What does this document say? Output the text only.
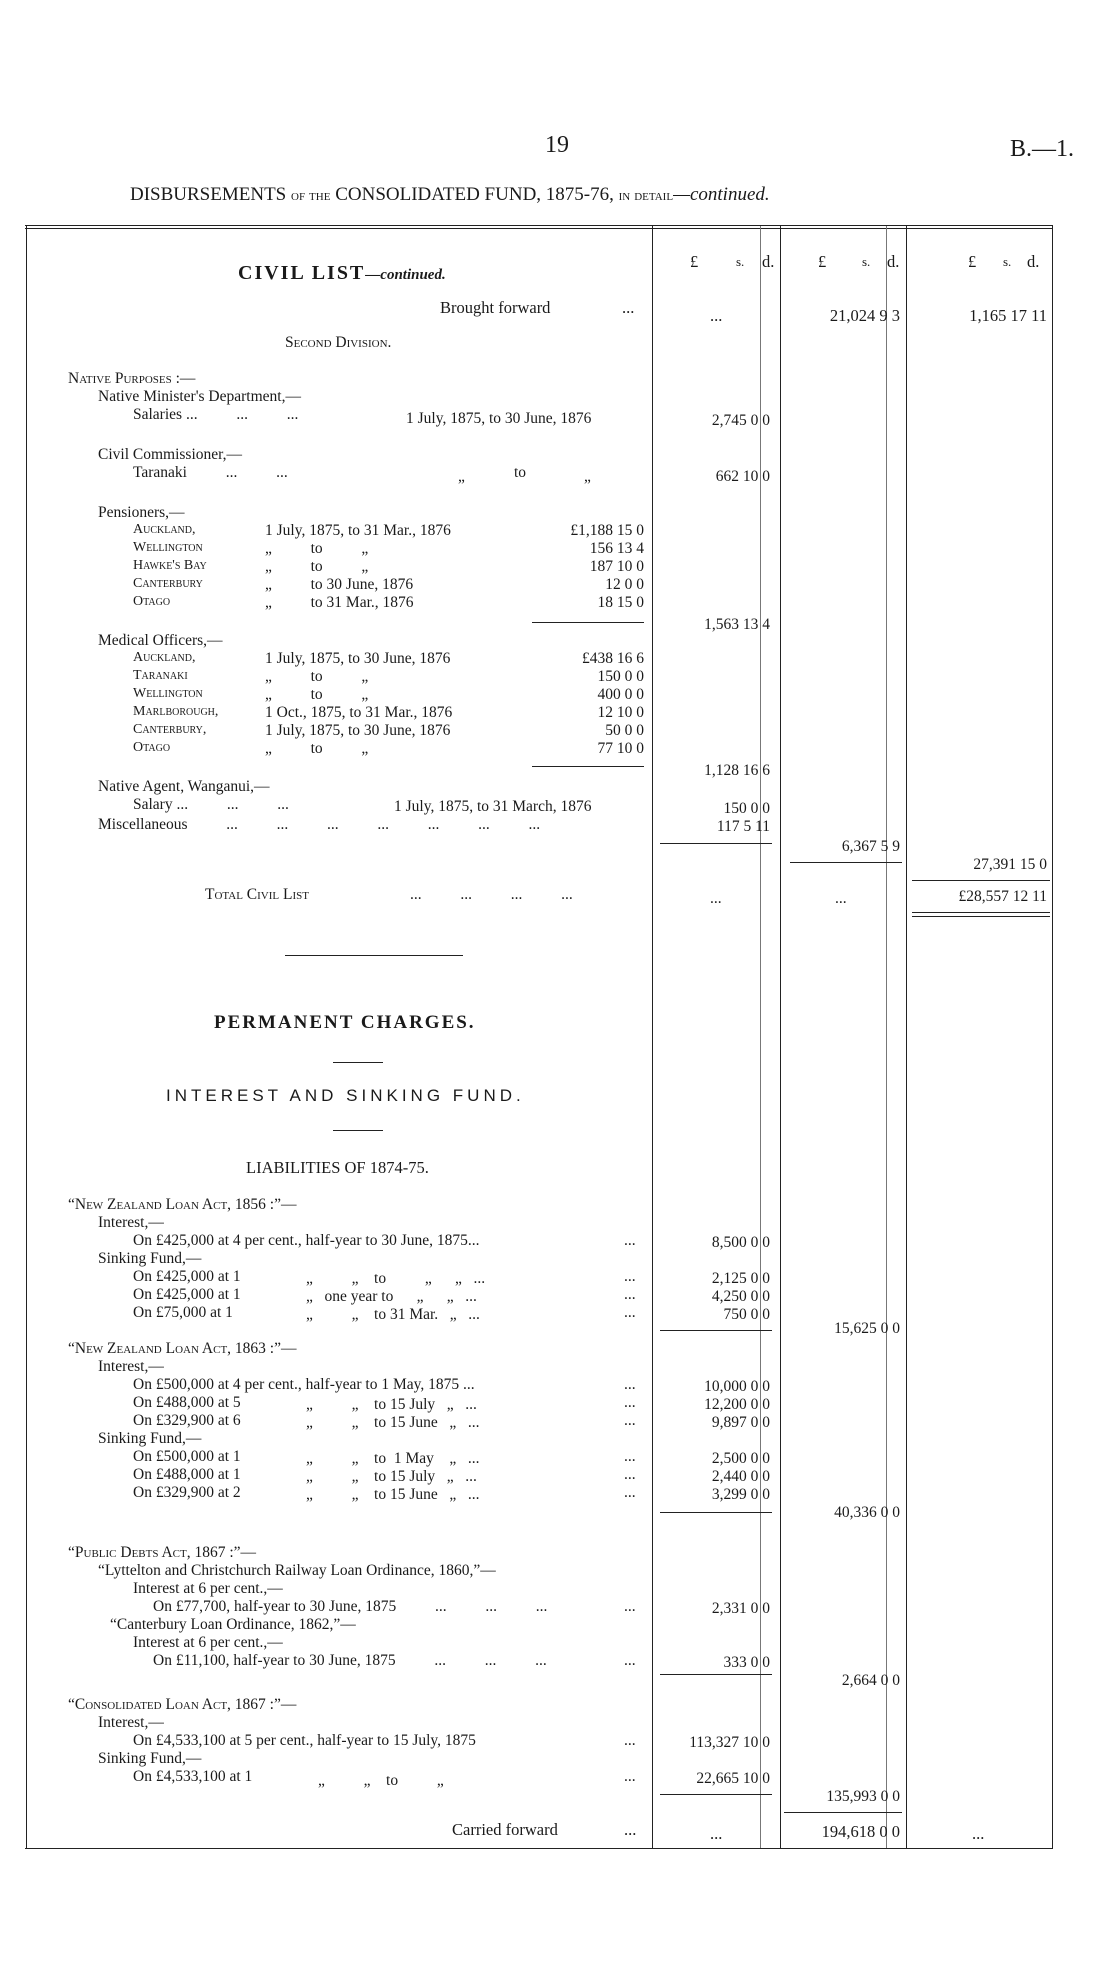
19	B.—1.
DISBURSEMENTS of the CONSOLIDATED FUND, 1875-76, in detail—continued.
£	s. d.	£	s. d.	£ s. d.
CIVIL LIST—continued.
Brought forward	...	...	21,024 9 3	1,165 17 11
Second Division.
Native Purposes :—
Native Minister's Department,—
Salaries ...          ...          ...	1 July, 1875, to 30 June, 1876	2,745 0 0
Civil Commissioner,—
Taranaki          ...          ...	„	to	„	662 10 0
Pensioners,—
Auckland,	1 July, 1875, to 31 Mar., 1876	£1,188 15 0
Wellington	„          to          „	156 13 4
Hawke's Bay	„          to          „	187 10 0
Canterbury	„          to 30 June, 1876	12 0 0
Otago	„          to 31 Mar., 1876	18 15 0
1,563 13 4
Medical Officers,—
Auckland,	1 July, 1875, to 30 June, 1876	£438 16 6
Taranaki	„          to          „	150 0 0
Wellington	„          to          „	400 0 0
Marlborough,	1 Oct., 1875, to 31 Mar., 1876	12 10 0
Canterbury,	1 July, 1875, to 30 June, 1876	50 0 0
Otago	„          to          „	77 10 0
1,128 16 6
Native Agent, Wanganui,—
Salary ...          ...          ...	1 July, 1875, to 31 March, 1876	150 0 0
Miscellaneous          ...          ...          ...          ...          ...          ...          ...	117 5 11
6,367 5 9
27,391 15 0
Total Civil List	...          ...          ...          ...	...	...	£28,557 12 11
PERMANENT CHARGES.
INTEREST AND SINKING FUND.
LIABILITIES OF 1874-75.
“New Zealand Loan Act, 1856 :”—
Interest,—
On £425,000 at 4 per cent., half-year to 30 June, 1875...	...	8,500 0 0
Sinking Fund,—
On £425,000 at 1	„          „    to          „      „   ...	...	2,125 0 0
On £425,000 at 1	„   one year to      „      „   ...	...	4,250 0 0
On £75,000 at 1	„          „    to 31 Mar.   „   ...	...	750 0 0
15,625 0 0
“New Zealand Loan Act, 1863 :”—
Interest,—
On £500,000 at 4 per cent., half-year to 1 May, 1875 ...	...	10,000 0 0
On £488,000 at 5	„          „    to 15 July   „   ...	...	12,200 0 0
On £329,900 at 6	„          „    to 15 June   „   ...	...	9,897 0 0
Sinking Fund,—
On £500,000 at 1	„          „    to  1 May    „   ...	...	2,500 0 0
On £488,000 at 1	„          „    to 15 July   „   ...	...	2,440 0 0
On £329,900 at 2	„          „    to 15 June   „   ...	...	3,299 0 0
40,336 0 0
“Public Debts Act, 1867 :”—
“Lyttelton and Christchurch Railway Loan Ordinance, 1860,”—
Interest at 6 per cent.,—
On £77,700, half-year to 30 June, 1875          ...          ...          ...	...	2,331 0 0
“Canterbury Loan Ordinance, 1862,”—
Interest at 6 per cent.,—
On £11,100, half-year to 30 June, 1875          ...          ...          ...	...	333 0 0
2,664 0 0
“Consolidated Loan Act, 1867 :”—
Interest,—
On £4,533,100 at 5 per cent., half-year to 15 July, 1875	...	113,327 10 0
Sinking Fund,—
On £4,533,100 at 1	„          „    to          „	...	22,665 10 0
135,993 0 0
Carried forward	...	...	194,618 0 0	...
